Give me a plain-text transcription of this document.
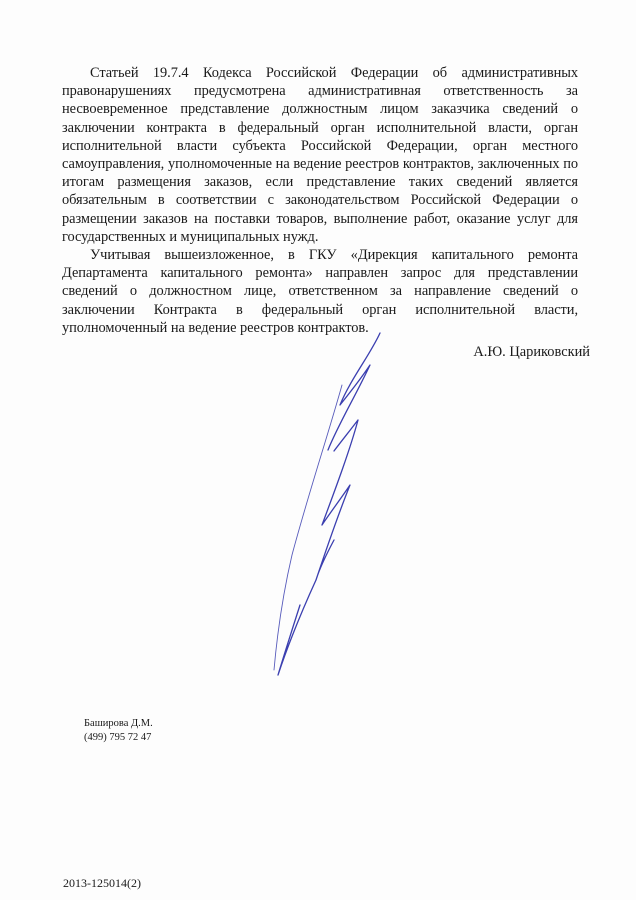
Статьей 19.7.4 Кодекса Российской Федерации об административных правонарушениях предусмотрена административная ответственность за несвоевременное представление должностным лицом заказчика сведений о заключении контракта в федеральный орган исполнительной власти, орган исполнительной власти субъекта Российской Федерации, орган местного самоуправления, уполномоченные на ведение реестров контрактов, заключенных по итогам размещения заказов, если представление таких сведений является обязательным в соответствии с законодательством Российской Федерации о размещении заказов на поставки товаров, выполнение работ, оказание услуг для государственных и муниципальных нужд.

Учитывая вышеизложенное, в ГКУ «Дирекция капитального ремонта Департамента капитального ремонта» направлен запрос для представлении сведений о должностном лице, ответственном за направление сведений о заключении Контракта в федеральный орган исполнительной власти, уполномоченный на ведение реестров контрактов.

А.Ю. Цариковский
Баширова Д.М.
(499) 795 72 47
2013-125014(2)
